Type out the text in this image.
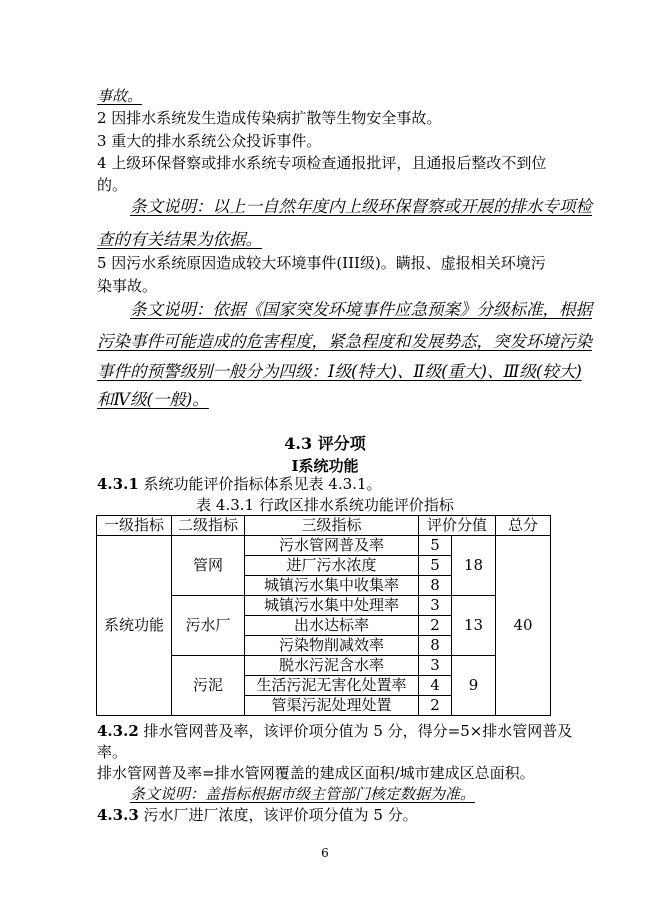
事故。
2 因排水系统发生造成传染病扩散等生物安全事故。
3 重大的排水系统公众投诉事件。
4 上级环保督察或排水系统专项检查通报批评，且通报后整改不到位
的。
条文说明：以上一自然年度内上级环保督察或开展的排水专项检
查的有关结果为依据。
5 因污水系统原因造成较大环境事件(III级)。瞒报、虚报相关环境污
染事故。
条文说明：依据《国家突发环境事件应急预案》分级标准，根据
污染事件可能造成的危害程度，紧急程度和发展势态，突发环境污染
事件的预警级别一般分为四级：Ⅰ级(特大)、Ⅱ级(重大)、Ⅲ级(较大)
和Ⅳ级(一般)。
4.3 评分项
Ⅰ系统功能
4.3.1 系统功能评价指标体系见表 4.3.1。
表 4.3.1 行政区排水系统功能评价指标
一级指标	二级指标	三级指标	评价分值		总分
系统功能	管网	污水管网普及率	5	18	40
		进厂污水浓度	5		
		城镇污水集中收集率	8		
	污水厂	城镇污水集中处理率	3	13	
		出水达标率	2		
		污染物削减效率	8		
	污泥	脱水污泥含水率	3	9	
		生活污泥无害化处置率	4		
		管渠污泥处理处置	2		
4.3.2 排水管网普及率，该评价项分值为 5 分，得分=5×排水管网普及
率。
排水管网普及率=排水管网覆盖的建成区面积/城市建成区总面积。
条文说明：盖指标根据市级主管部门核定数据为准。
4.3.3 污水厂进厂浓度，该评价项分值为 5 分。
6
